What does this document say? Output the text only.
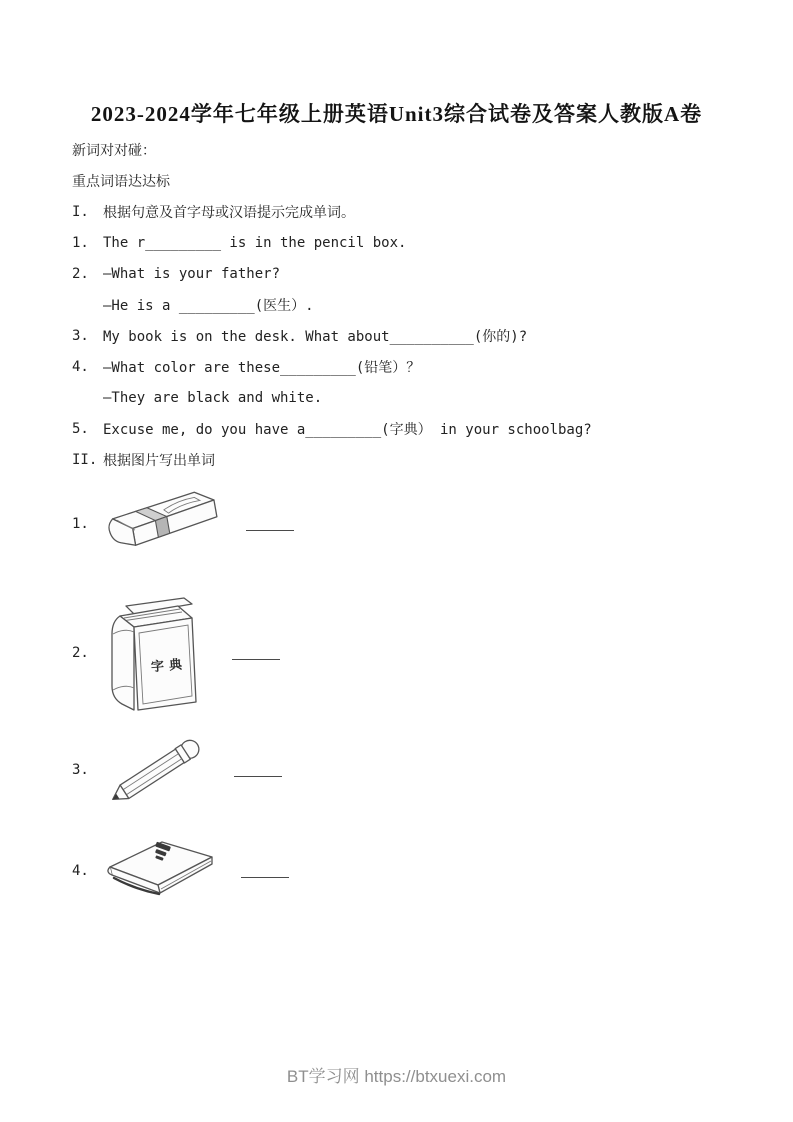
2023-2024学年七年级上册英语Unit3综合试卷及答案人教版A卷
新词对对碰：
重点词语达达标
I.	根据句意及首字母或汉语提示完成单词。
1.	The r_________ is in the pencil box.
2.	—What is your father?
—He is a _________(医生）.
3.	My book is on the desk. What about__________(你的)?
4.	—What color are these_________(铅笔）？
—They are black and white.
5.	Excuse me, do you have a_________(字典） in your schoolbag?
II. 根据图片写出单词
1.
2.
字典
3.
4.
BT学习网 https://btxuexi.com
